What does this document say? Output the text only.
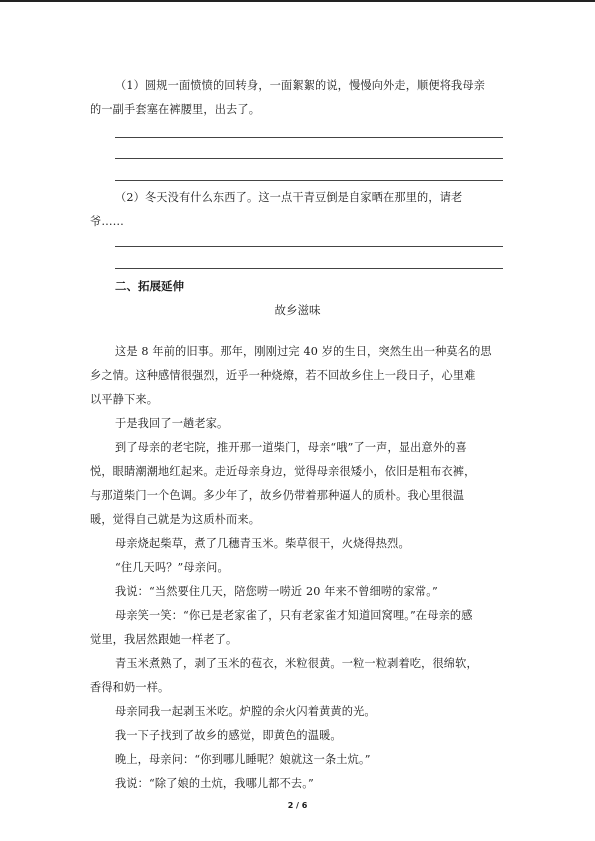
（1）圆规一面愤愤的回转身，一面絮絮的说，慢慢向外走，顺便将我母亲
的一副手套塞在裤腰里，出去了。
（2）冬天没有什么东西了。这一点干青豆倒是自家晒在那里的，请老
爷……
二、拓展延伸
故乡滋味
这是 8 年前的旧事。那年，刚刚过完 40 岁的生日，突然生出一种莫名的思
乡之情。这种感情很强烈，近乎一种烧燎，若不回故乡住上一段日子，心里难
以平静下来。
于是我回了一趟老家。
到了母亲的老宅院，推开那一道柴门，母亲“哦”了一声，显出意外的喜
悦，眼睛潮潮地红起来。走近母亲身边，觉得母亲很矮小，依旧是粗布衣裤，
与那道柴门一个色调。多少年了，故乡仍带着那种逼人的质朴。我心里很温
暖，觉得自己就是为这质朴而来。
母亲烧起柴草，煮了几穗青玉米。柴草很干，火烧得热烈。
“住几天吗？”母亲问。
我说：“当然要住几天，陪您唠一唠近 20 年来不曾细唠的家常。”
母亲笑一笑：“你已是老家雀了，只有老家雀才知道回窝哩。”在母亲的感
觉里，我居然跟她一样老了。
青玉米煮熟了，剥了玉米的苞衣，米粒很黄。一粒一粒剥着吃，很绵软，
香得和奶一样。
母亲同我一起剥玉米吃。炉膛的余火闪着黄黄的光。
我一下子找到了故乡的感觉，即黄色的温暖。
晚上，母亲问：“你到哪儿睡呢？娘就这一条土炕。”
我说：“除了娘的土炕，我哪儿都不去。”
2 / 6
